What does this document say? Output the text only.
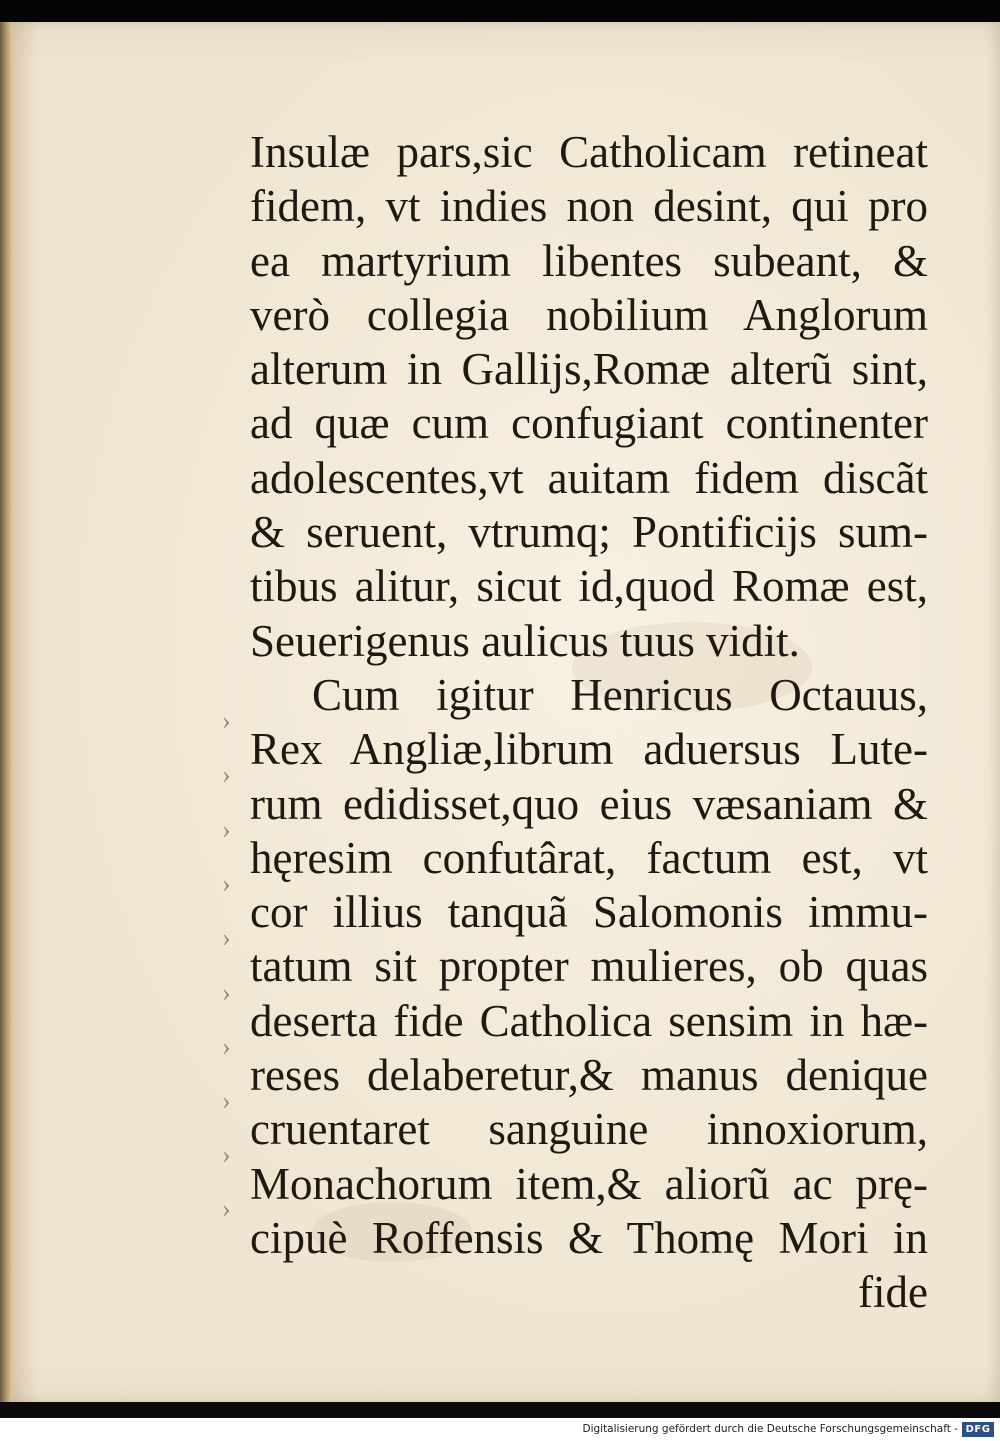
Insulæ pars,sic Catholicam retineat
fidem, vt indies non desint, qui pro
ea martyrium libentes subeant, &
verò collegia nobilium Anglorum
alterum in Gallijs,Romæ alterũ sint,
ad quæ cum confugiant continenter
adolescentes,vt auitam fidem discãt
& seruent, vtrumq; Pontificijs sum-
tibus alitur, sicut id,quod Romæ est,
Seuerigenus aulicus tuus vidit.
Cum igitur Henricus Octauus,
Rex Angliæ,librum aduersus Lute-
rum edidisset,quo eius væsaniam &
hęresim confutârat, factum est, vt
cor illius tanquã Salomonis immu-
tatum sit propter mulieres, ob quas
deserta fide Catholica sensim in hæ-
reses delaberetur,& manus denique
cruentaret sanguine innoxiorum,
Monachorum item,& aliorũ ac prę-
cipuè Roffensis & Thomę Mori in
fide
›
›
›
›
›
›
›
›
›
›
Digitalisierung gefördert durch die Deutsche Forschungsgemeinschaft - DFG
